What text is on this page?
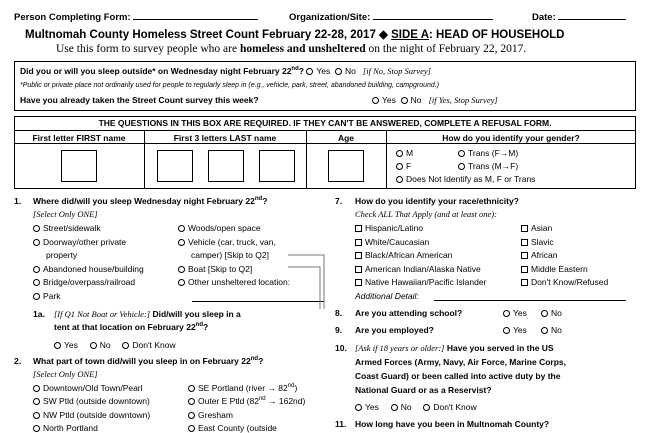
Person Completing Form:	Organization/Site:	Date:
Multnomah County Homeless Street Count February 22-28, 2017 ◆ SIDE A: HEAD OF HOUSEHOLD
Use this form to survey people who are homeless and unsheltered on the night of February 22, 2017.
Did you or will you sleep outside* on Wednesday night February 22nd? Yes No [if No, Stop Survey]
*Public or private place not ordinarily used for people to regularly sleep in (e.g., vehicle, park, street, abandoned building, campground.)
Have you already taken the Street Count survey this week?	Yes No [if Yes, Stop Survey]
THE QUESTIONS IN THIS BOX ARE REQUIRED. IF THEY CAN'T BE ANSWERED, COMPLETE A REFUSAL FORM.
First letter FIRST name	First 3 letters LAST name	Age	How do you identify your gender?
M	Trans (F→M)
F	Trans (M→F)
Does Not Identify as M, F or Trans
1. Where did/will you sleep Wednesday night February 22nd?
[Select Only ONE]
Street/sidewalk
Doorway/other private
property
Abandoned house/building
Bridge/overpass/railroad
Park
Woods/open space
Vehicle (car, truck, van,
camper) [Skip to Q2]
Boat [Skip to Q2]
Other unsheltered location:
1a. [If Q1 Not Boat or Vehicle:] Did/will you sleep in a
tent at that location on February 22nd?
Yes	No	Don't Know
2. What part of town did/will you sleep in on February 22nd?
[Select Only ONE]
Downtown/Old Town/Pearl
SW Ptld (outside downtown)
NW Ptld (outside downtown)
North Portland
SE Portland (river → 82nd)
Outer E Ptld (82nd → 162nd)
Gresham
East County (outside
7. How do you identify your race/ethnicity?
Check ALL That Apply (and at least one):
Hispanic/Latino
White/Caucasian
Black/African American
American Indian/Alaska Native
Native Hawaiian/Pacific Islander
Asian
Slavic
African
Middle Eastern
Don't Know/Refused
Additional Detail:
8. Are you attending school?	Yes	No
9. Are you employed?	Yes	No
10. [Ask if 18 years or older:] Have you served in the US
Armed Forces (Army, Navy, Air Force, Marine Corps,
Coast Guard) or been called into active duty by the
National Guard or as a Reservist?
Yes	No	Don't Know
11. How long have you been in Multnomah County?
